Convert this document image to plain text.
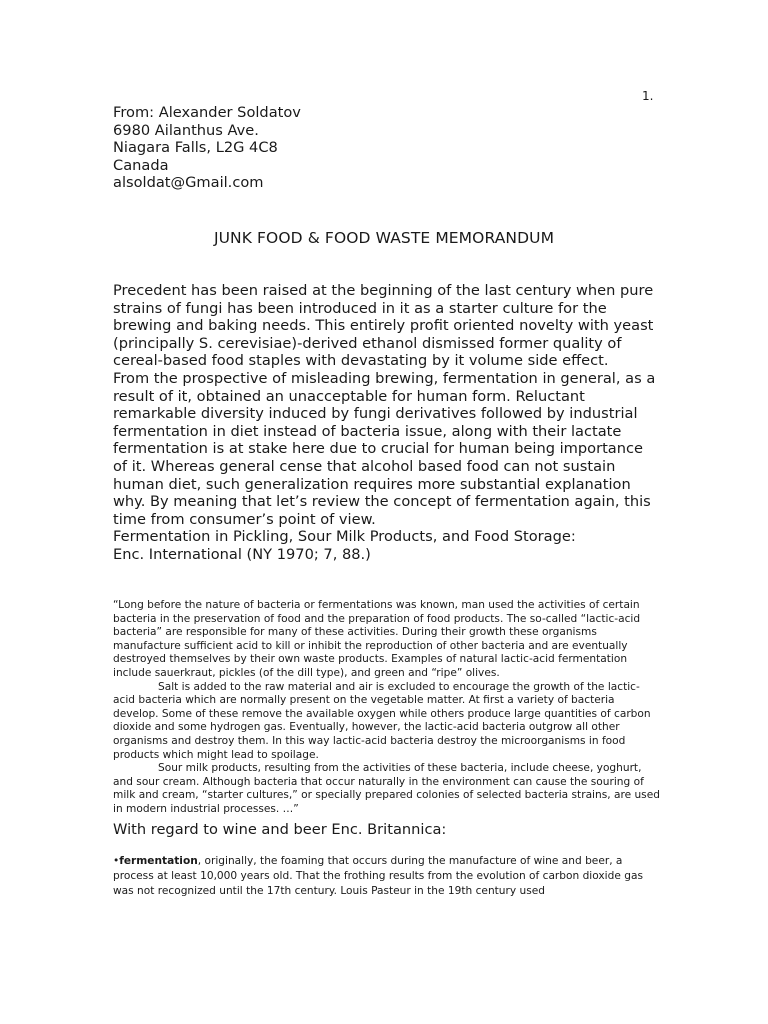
1.
From: Alexander Soldatov
6980 Ailanthus Ave.
Niagara Falls, L2G 4C8
Canada
alsoldat@Gmail.com
JUNK FOOD & FOOD WASTE MEMORANDUM

Precedent has been raised at the beginning of the last century when pure strains of fungi has been introduced in it as a starter culture for the brewing and baking needs. This entirely profit oriented novelty with yeast (principally S. cerevisiae)-derived ethanol dismissed former quality of cereal-based food staples with devastating by it volume side effect.

From the prospective of misleading brewing, fermentation in general, as a result of it, obtained an unacceptable for human form. Reluctant remarkable diversity induced by fungi derivatives followed by industrial fermentation in diet instead of bacteria issue, along with their lactate fermentation is at stake here due to crucial for human being importance of it. Whereas general cense that alcohol based food can not sustain human diet, such generalization requires more substantial explanation why. By meaning that let’s review the concept of fermentation again, this time from consumer’s point of view.

Fermentation in Pickling, Sour Milk Products, and Food Storage:

Enc. International (NY 1970; 7, 88.)

“Long before the nature of bacteria or fermentations was known, man used the activities of certain bacteria in the preservation of food and the preparation of food products. The so-called “lactic-acid bacteria” are responsible for many of these activities. During their growth these organisms manufacture sufficient acid to kill or inhibit the reproduction of other bacteria and are eventually destroyed themselves by their own waste products. Examples of natural lactic-acid fermentation include sauerkraut, pickles (of the dill type), and green and “ripe” olives.

Salt is added to the raw material and air is excluded to encourage the growth of the lactic-acid bacteria which are normally present on the vegetable matter. At first a variety of bacteria develop. Some of these remove the available oxygen while others produce large quantities of carbon dioxide and some hydrogen gas. Eventually, however, the lactic-acid bacteria outgrow all other organisms and destroy them. In this way lactic-acid bacteria destroy the microorganisms in food products which might lead to spoilage.

Sour milk products, resulting from the activities of these bacteria, include cheese, yoghurt, and sour cream. Although bacteria that occur naturally in the environment can cause the souring of milk and cream, “starter cultures,” or specially prepared colonies of selected bacteria strains, are used in modern industrial processes. …”

With regard to wine and beer Enc. Britannica:
•fermentation, originally, the foaming that occurs during the manufacture of wine and beer, a process at least 10,000 years old. That the frothing results from the evolution of carbon dioxide gas was not recognized until the 17th century. Louis Pasteur in the 19th century used
